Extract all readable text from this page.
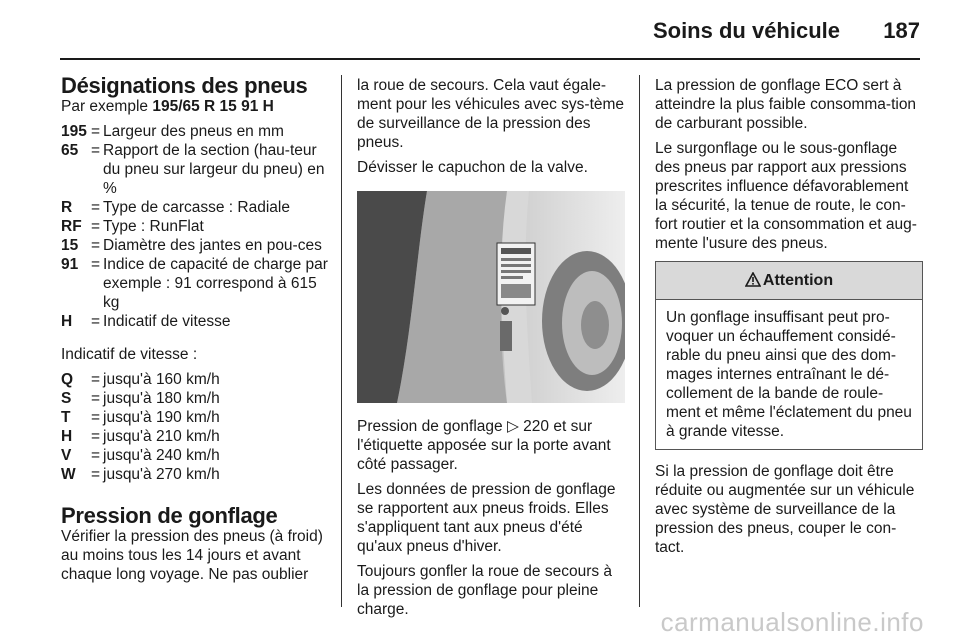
Soins du véhicule 187
Désignations des pneus

Par exemple 195/65 R 15 91 H

195 = Largeur des pneus en mm
65 = Rapport de la section (hau-teur du pneu sur largeur du pneu) en %
R	= Type de carcasse : Radiale
RF = Type : RunFlat
15 = Diamètre des jantes en pou-ces
91 = Indice de capacité de charge par exemple : 91 correspond à 615 kg
H	= Indicatif de vitesse

Indicatif de vitesse :

Q	= jusqu'à 160 km/h
S	= jusqu'à 180 km/h
T	= jusqu'à 190 km/h
H	= jusqu'à 210 km/h
V	= jusqu'à 240 km/h
W = jusqu'à 270 km/h
Pression de gonflage

Vérifier la pression des pneus (à froid) au moins tous les 14 jours et avant chaque long voyage. Ne pas oublier

la roue de secours. Cela vaut égale-ment pour les véhicules avec sys-tème de surveillance de la pression des pneus.

Dévisser le capuchon de la valve.

Pression de gonflage ▷ 220 et sur l'étiquette apposée sur la porte avant côté passager.

Les données de pression de gonflage se rapportent aux pneus froids. Elles s'appliquent tant aux pneus d'été qu'aux pneus d'hiver.

Toujours gonfler la roue de secours à la pression de gonflage pour pleine charge.

La pression de gonflage ECO sert à atteindre la plus faible consomma-tion de carburant possible.

Le surgonflage ou le sous-gonflage des pneus par rapport aux pressions prescrites influence défavorablement la sécurité, la tenue de route, le con-fort routier et la consommation et aug-mente l'usure des pneus.

Attention
Un gonflage insuffisant peut pro-voquer un échauffement considé-rable du pneu ainsi que des dom-mages internes entraînant le dé-collement de la bande de roule-ment et même l'éclatement du pneu à grande vitesse.

Si la pression de gonflage doit être réduite ou augmentée sur un véhicule avec système de surveillance de la pression des pneus, couper le con-tact.

carmanualsonline.info
